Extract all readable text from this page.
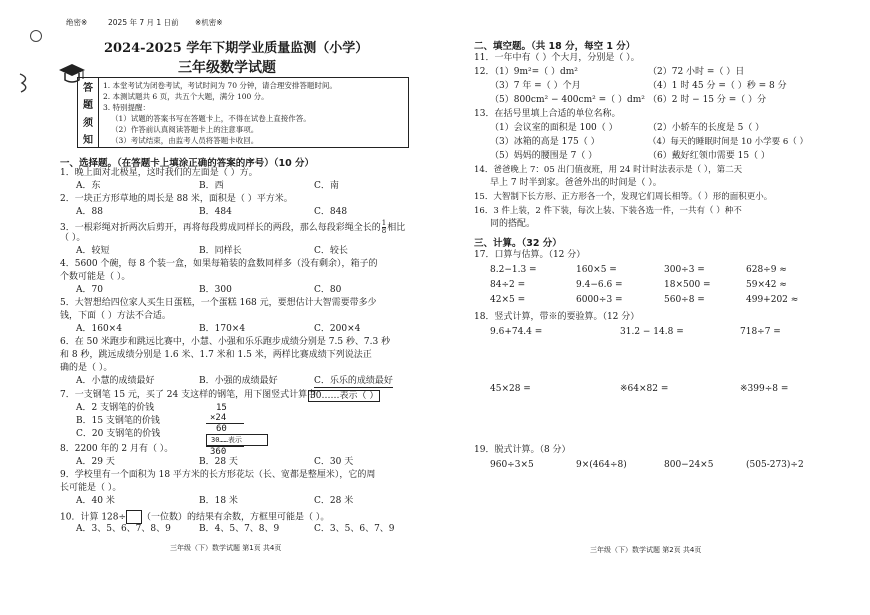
绝密※	2025 年 7 月 1 日前 ※机密※
2024-2025 学年下期学业质量监测（小学）
三年级数学试题
答
题
须
知
1. 本堂考试为闭卷考试，考试时间为 70 分钟，请合理安排答题时间。
2. 本测试题共 6 页，共五个大题，满分 100 分。
3. 特别提醒：
（1）试题的答案书写在答题卡上，不得在试卷上直接作答。
（2）作答前认真阅读答题卡上的注意事项。
（3）考试结束，由监考人员将答题卡收回。
一、选择题。（在答题卡上填涂正确的答案的序号）（10 分）
1．晚上面对北极星，这时我们的左面是（ ）方。
A．东	B．西	C．南
2．一块正方形草地的周长是 88 米，面积是（ ）平方米。
A．88	B．484	C．848
3．一根彩绳对折两次后剪开，再将每段剪成同样长的两段，那么每段彩绳全长的 $\frac{1}{8}$ 相比
（ ）。
A．较短	B．同样长	C．较长
4．5600 个碗，每 8 个装一盒，如果每箱装的盒数同样多（没有剩余），箱子的
个数可能是（ ）。
A．70	B．300	C．80
5．大智想给四位家人买生日蛋糕，一个蛋糕 168 元，要想估计大智需要带多少
钱，下面（ ）方法不合适。
A．160×4	B．170×4	C．200×4
6．在 50 米跑步和跳远比赛中，小慧、小强和乐乐跑步成绩分别是 7.5 秒、7.3 秒
和 8 秒，跳远成绩分别是 1.6 米、1.7 米和 1.5 米，两样比赛成绩下列说法正
确的是（ ）。
A．小慧的成绩最好	B．小强的成绩最好	C．乐乐的成绩最好
7．一支钢笔 15 元，买了 24 支这样的钢笔，用下图竖式计算中
30……表示（ ）
A．2 支钢笔的价钱
B．15 支钢笔的价钱
C．20 支钢笔的价钱
15
×24
60
30……表示
360
8．2200 年的 2 月有（ ）。
A．29 天	B．28 天	C．30 天
9．学校里有一个面积为 18 平方米的长方形花坛（长、宽都是整厘米），它的周
长可能是（ ）。
A．40 米	B．18 米	C．28 米
10．计算 128÷ （一位数）的结果有余数，方框里可能是（ ）。
A．3、5、6、7、8、9	B．4、5、7、8、9	C．3、5、6、7、9
三年级（下）数学试题 第1页 共4页
二、填空题。（共 18 分，每空 1 分）
11．一年中有（ ）个大月，分别是（ ）。
12．
（1）9m²=（ ）dm²	（2）72 小时 =（ ）日
（3）7 年 =（ ）个月	（4）1 时 45 分 =（ ）秒 = 8 分
（5）800cm² − 400cm² =（ ）dm² （6）2 时 − 15 分 =（ ）分
13．在括号里填上合适的单位名称。
（1）会议室的面积是 100（ ）	（2）小轿车的长度是 5（ ）
（3）冰箱的高是 175（ ）	（4）每天的睡眠时间是 10 小学要 6（ ）
（5）妈妈的腰围是 7（ ）	（6）戴好红领巾需要 15（ ）
14．爸爸晚上 7：05 出门值夜班，用 24 时计时法表示是（ ），第二天
早上 7 时半到家。爸爸外出的时间是（ ）。
15．大智制下长方形、正方形各一个，发现它们周长相等。（ ）形的面积更小。
16．3 件上装，2 件下装，每次上装、下装各选一件，一共有（ ）种不
同的搭配。
三、计算。（32 分）
17．口算与估算。（12 分）
8.2−1.3 =	160×5 =	300÷3 =	628÷9 ≈
84÷2 =	9.4−6.6 =	18×500 =	59×42 ≈
42×5 =	6000÷3 =	560÷8 =	499+202 ≈
18．竖式计算，带※的要验算。（12 分）
9.6+74.4 =	31.2 − 14.8 =	718÷7 =
45×28 =	※64×82 =	※399÷8 =
19．脱式计算。（8 分）
960÷3×5	9×(464÷8)	800−24×5	(505-273)÷2
三年级（下）数学试题 第2页 共4页
